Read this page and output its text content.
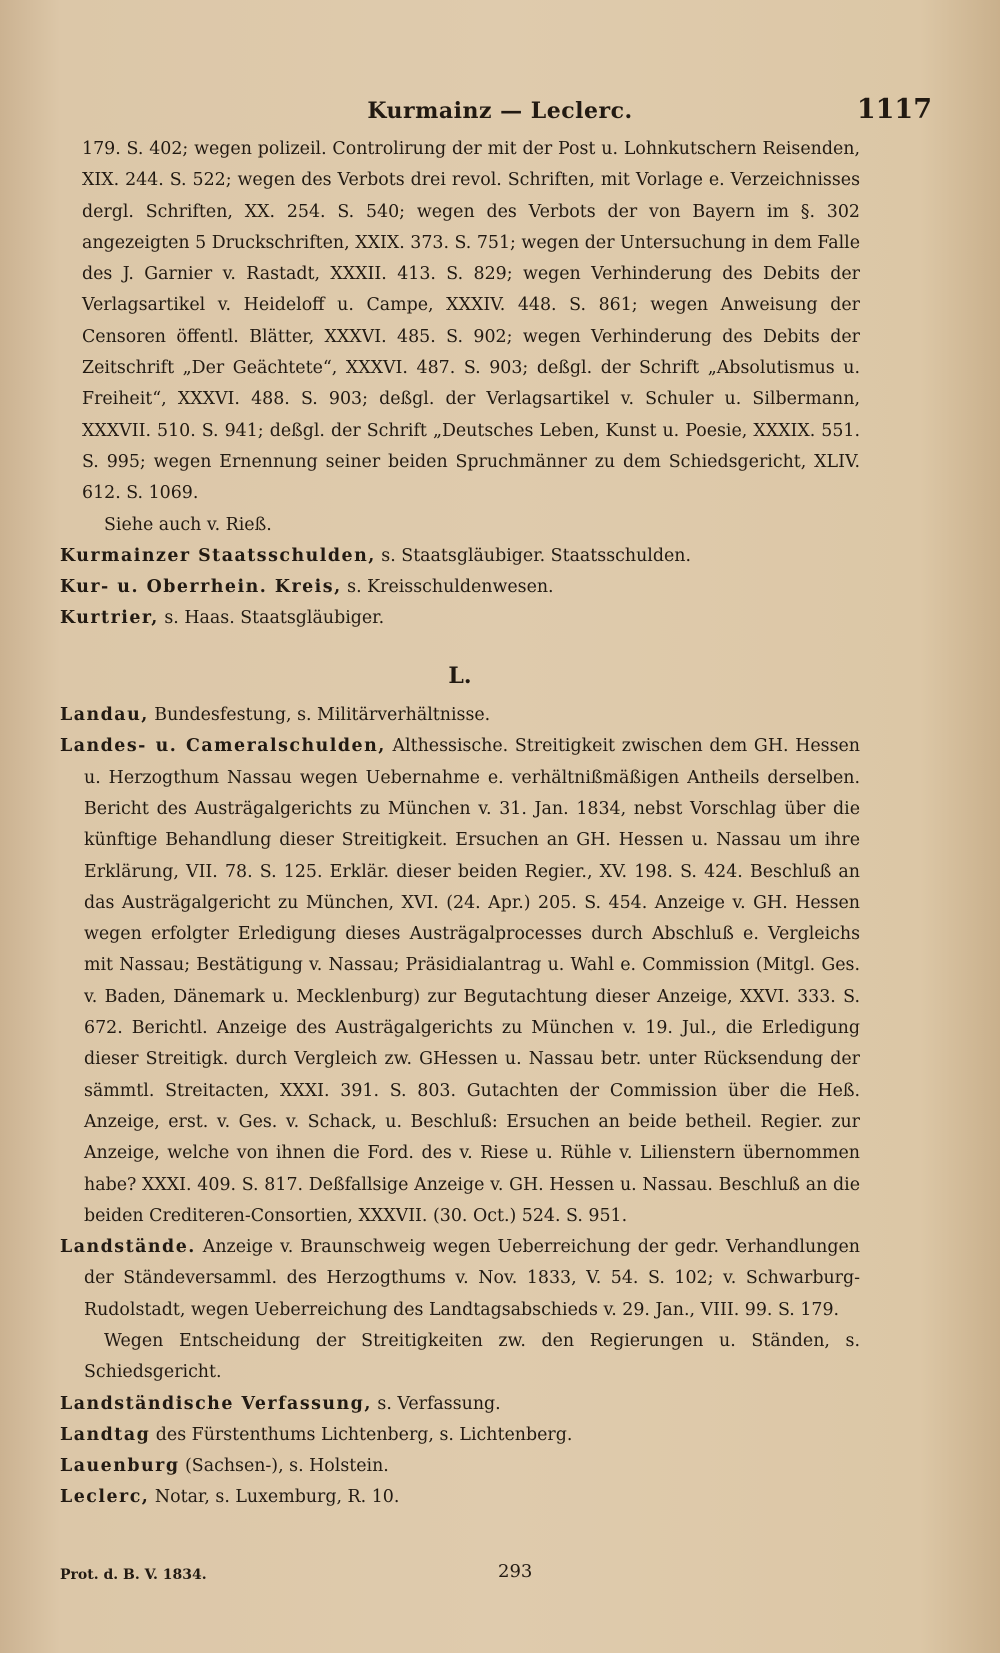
Kurmainz — Leclerc.	1117
179. S. 402; wegen polizeil. Controlirung der mit der Post u. Lohnkutschern Reisenden, XIX. 244. S. 522; wegen des Verbots drei revol. Schriften, mit Vorlage e. Verzeichnisses dergl. Schriften, XX. 254. S. 540; wegen des Verbots der von Bayern im §. 302 angezeigten 5 Druckschriften, XXIX. 373. S. 751; wegen der Untersuchung in dem Falle des J. Garnier v. Rastadt, XXXII. 413. S. 829; wegen Verhinderung des Debits der Verlagsartikel v. Heideloff u. Campe, XXXIV. 448. S. 861; wegen Anweisung der Censoren öffentl. Blätter, XXXVI. 485. S. 902; wegen Verhinderung des Debits der Zeitschrift „Der Geächtete“, XXXVI. 487. S. 903; deßgl. der Schrift „Absolutismus u. Freiheit“, XXXVI. 488. S. 903; deßgl. der Verlagsartikel v. Schuler u. Silbermann, XXXVII. 510. S. 941; deßgl. der Schrift „Deutsches Leben, Kunst u. Poesie, XXXIX. 551. S. 995; wegen Ernennung seiner beiden Spruchmänner zu dem Schiedsgericht, XLIV. 612. S. 1069.
Siehe auch v. Rieß.
Kurmainzer Staatsschulden, s. Staatsgläubiger. Staatsschulden.
Kur- u. Oberrhein. Kreis, s. Kreisschuldenwesen.
Kurtrier, s. Haas. Staatsgläubiger.
L.
Landau, Bundesfestung, s. Militärverhältnisse.
Landes- u. Cameralschulden, Althessische. Streitigkeit zwischen dem GH. Hessen u. Herzogthum Nassau wegen Uebernahme e. verhältnißmäßigen Antheils derselben. Bericht des Austrägalgerichts zu München v. 31. Jan. 1834, nebst Vorschlag über die künftige Behandlung dieser Streitigkeit. Ersuchen an GH. Hessen u. Nassau um ihre Erklärung, VII. 78. S. 125. Erklär. dieser beiden Regier., XV. 198. S. 424. Beschluß an das Austrägalgericht zu München, XVI. (24. Apr.) 205. S. 454. Anzeige v. GH. Hessen wegen erfolgter Erledigung dieses Austrägalprocesses durch Abschluß e. Vergleichs mit Nassau; Bestätigung v. Nassau; Präsidialantrag u. Wahl e. Commission (Mitgl. Ges. v. Baden, Dänemark u. Mecklenburg) zur Begutachtung dieser Anzeige, XXVI. 333. S. 672. Berichtl. Anzeige des Austrägalgerichts zu München v. 19. Jul., die Erledigung dieser Streitigk. durch Vergleich zw. GHessen u. Nassau betr. unter Rücksendung der sämmtl. Streitacten, XXXI. 391. S. 803. Gutachten der Commission über die Heß. Anzeige, erst. v. Ges. v. Schack, u. Beschluß: Ersuchen an beide betheil. Regier. zur Anzeige, welche von ihnen die Ford. des v. Riese u. Rühle v. Lilienstern übernommen habe? XXXI. 409. S. 817. Deßfallsige Anzeige v. GH. Hessen u. Nassau. Beschluß an die beiden Crediteren-Consortien, XXXVII. (30. Oct.) 524. S. 951.
Landstände. Anzeige v. Braunschweig wegen Ueberreichung der gedr. Verhandlungen der Ständeversamml. des Herzogthums v. Nov. 1833, V. 54. S. 102; v. Schwarburg-Rudolstadt, wegen Ueberreichung des Landtagsabschieds v. 29. Jan., VIII. 99. S. 179.
Wegen Entscheidung der Streitigkeiten zw. den Regierungen u. Ständen, s. Schiedsgericht.
Landständische Verfassung, s. Verfassung.
Landtag des Fürstenthums Lichtenberg, s. Lichtenberg.
Lauenburg (Sachsen-), s. Holstein.
Leclerc, Notar, s. Luxemburg, R. 10.
Prot. d. B. V. 1834.	293
